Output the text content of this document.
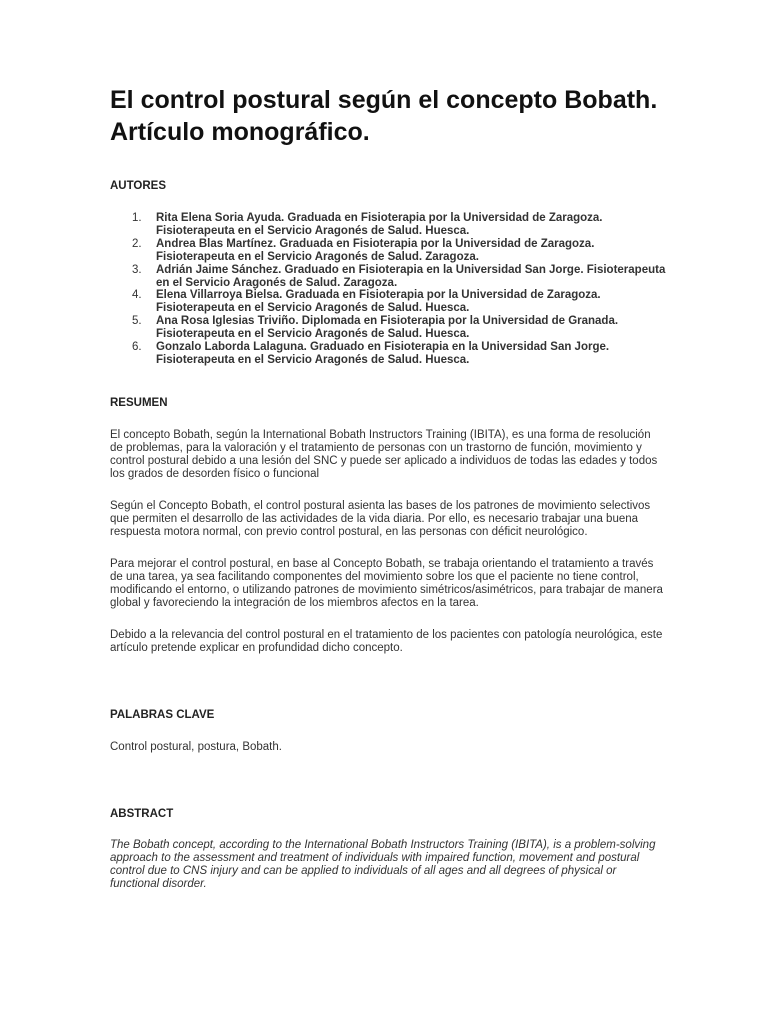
El control postural según el concepto Bobath. Artículo monográfico.
AUTORES
1. Rita Elena Soria Ayuda. Graduada en Fisioterapia por la Universidad de Zaragoza. Fisioterapeuta en el Servicio Aragonés de Salud. Huesca.
2. Andrea Blas Martínez. Graduada en Fisioterapia por la Universidad de Zaragoza. Fisioterapeuta en el Servicio Aragonés de Salud. Zaragoza.
3. Adrián Jaime Sánchez. Graduado en Fisioterapia en la Universidad San Jorge. Fisioterapeuta en el Servicio Aragonés de Salud. Zaragoza.
4. Elena Villarroya Bielsa. Graduada en Fisioterapia por la Universidad de Zaragoza. Fisioterapeuta en el Servicio Aragonés de Salud. Huesca.
5. Ana Rosa Iglesias Triviño. Diplomada en Fisioterapia por la Universidad de Granada. Fisioterapeuta en el Servicio Aragonés de Salud. Huesca.
6. Gonzalo Laborda Lalaguna. Graduado en Fisioterapia en la Universidad San Jorge. Fisioterapeuta en el Servicio Aragonés de Salud. Huesca.
RESUMEN

El concepto Bobath, según la International Bobath Instructors Training (IBITA), es una forma de resolución de problemas, para la valoración y el tratamiento de personas con un trastorno de función, movimiento y control postural debido a una lesión del SNC y puede ser aplicado a individuos de todas las edades y todos los grados de desorden físico o funcional

Según el Concepto Bobath, el control postural asienta las bases de los patrones de movimiento selectivos que permiten el desarrollo de las actividades de la vida diaria. Por ello, es necesario trabajar una buena respuesta motora normal, con previo control postural, en las personas con déficit neurológico.

Para mejorar el control postural, en base al Concepto Bobath, se trabaja orientando el tratamiento a través de una tarea, ya sea facilitando componentes del movimiento sobre los que el paciente no tiene control, modificando el entorno, o utilizando patrones de movimiento simétricos/asimétricos, para trabajar de manera global y favoreciendo la integración de los miembros afectos en la tarea.

Debido a la relevancia del control postural en el tratamiento de los pacientes con patología neurológica, este artículo pretende explicar en profundidad dicho concepto.

PALABRAS CLAVE

Control postural, postura, Bobath.

ABSTRACT

The Bobath concept, according to the International Bobath Instructors Training (IBITA), is a problem-solving approach to the assessment and treatment of individuals with impaired function, movement and postural control due to CNS injury and can be applied to individuals of all ages and all degrees of physical or functional disorder.
